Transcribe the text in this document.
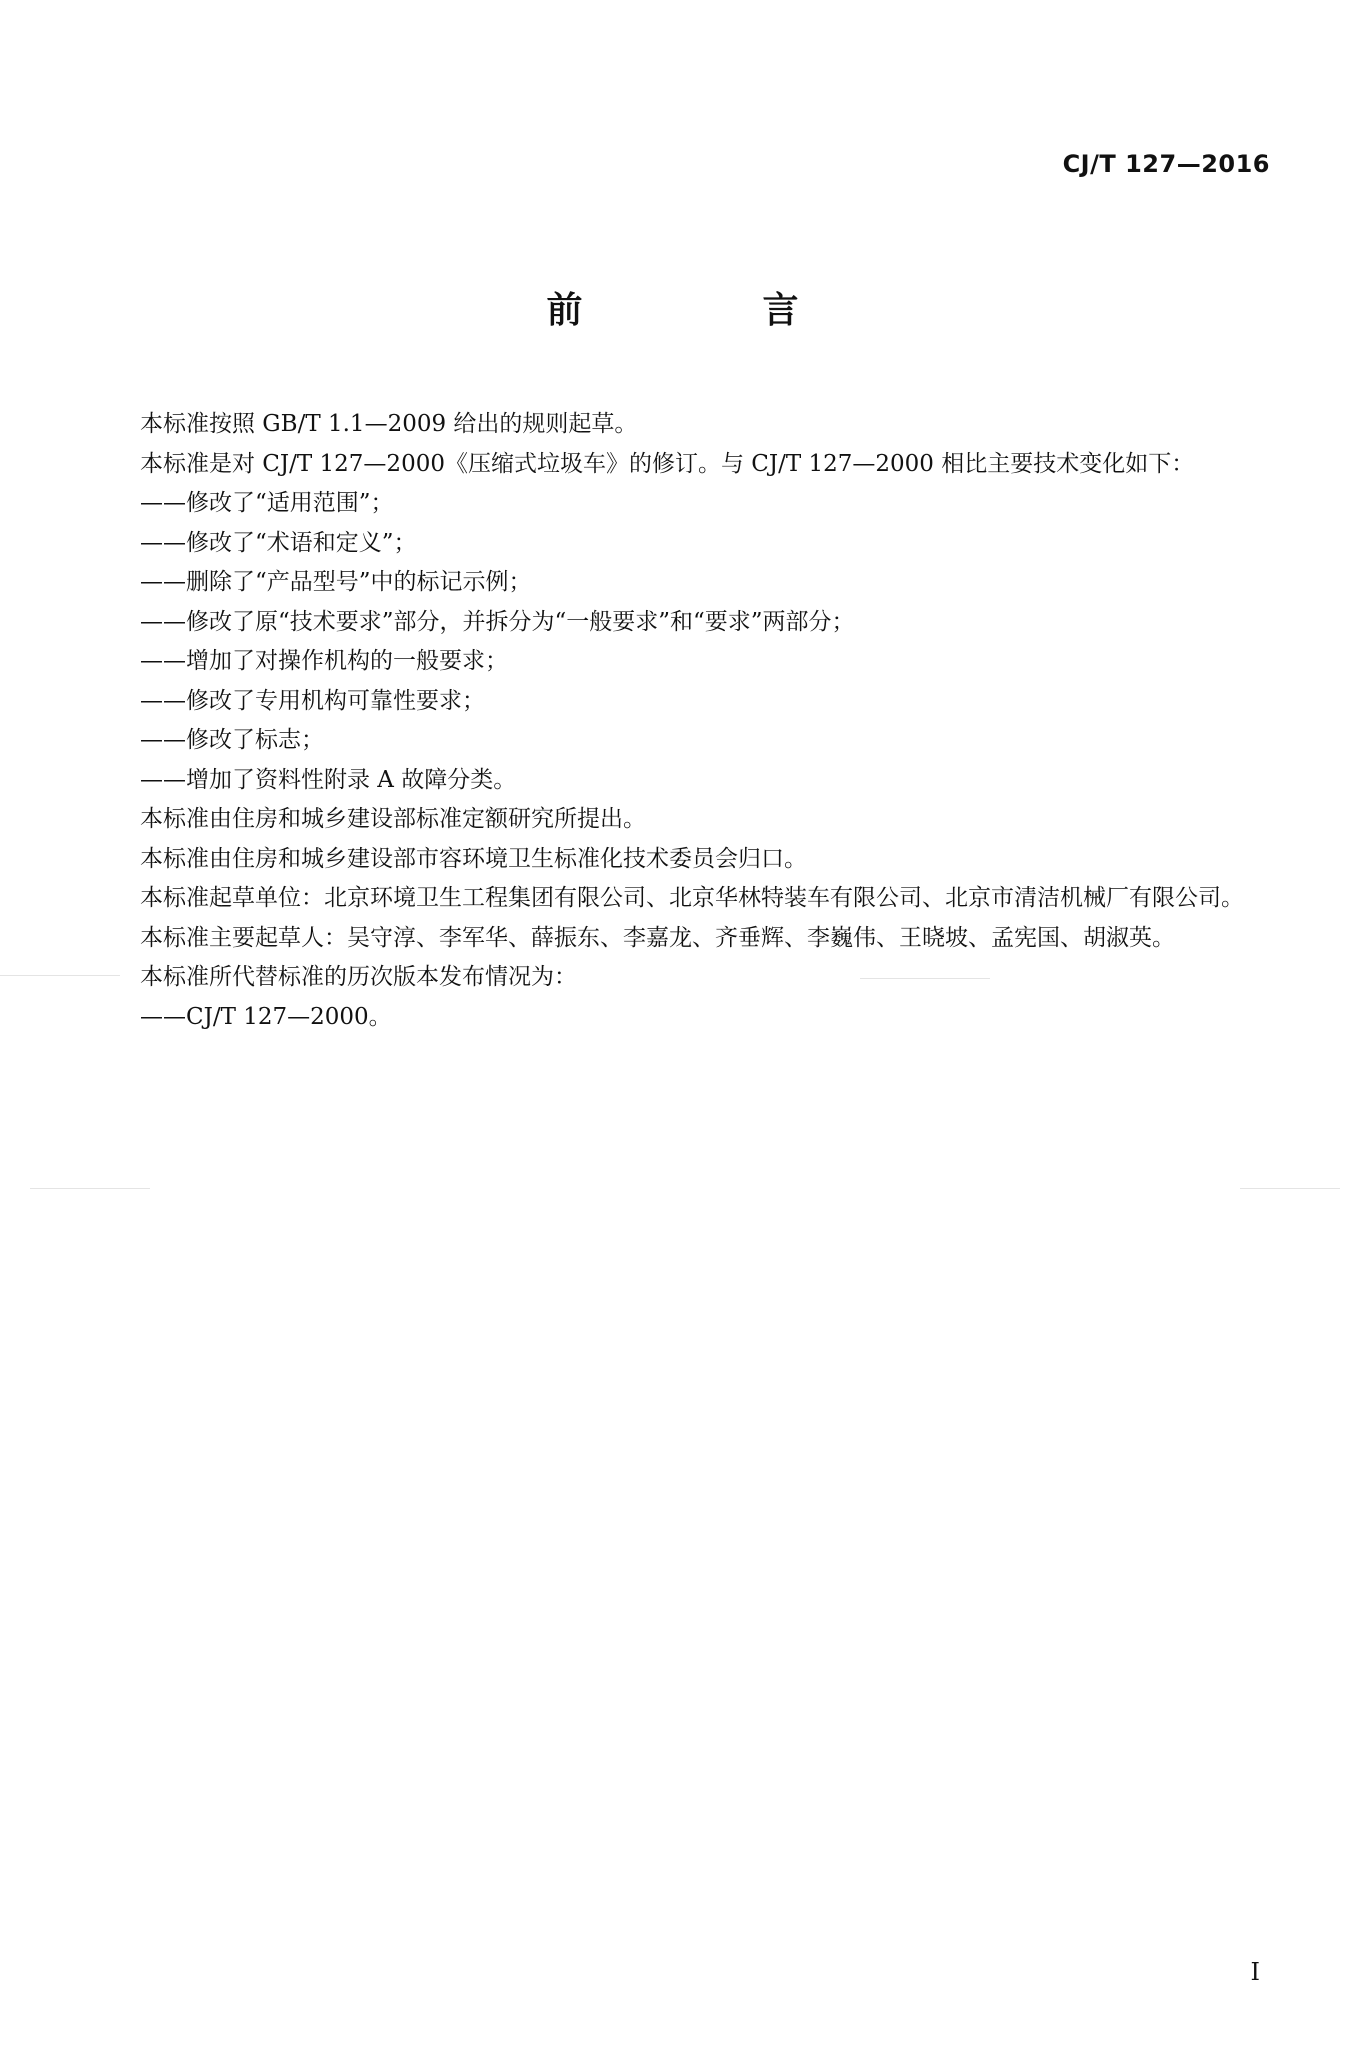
CJ/T 127—2016
前　言

本标准按照 GB/T 1.1—2009 给出的规则起草。

本标准是对 CJ/T 127—2000《压缩式垃圾车》的修订。与 CJ/T 127—2000 相比主要技术变化如下：

——修改了“适用范围”；

——修改了“术语和定义”；

——删除了“产品型号”中的标记示例；

——修改了原“技术要求”部分，并拆分为“一般要求”和“要求”两部分；

——增加了对操作机构的一般要求；

——修改了专用机构可靠性要求；

——修改了标志；

——增加了资料性附录 A 故障分类。

本标准由住房和城乡建设部标准定额研究所提出。

本标准由住房和城乡建设部市容环境卫生标准化技术委员会归口。

本标准起草单位：北京环境卫生工程集团有限公司、北京华林特装车有限公司、北京市清洁机械厂有限公司。

本标准主要起草人：吴守淳、李军华、薛振东、李嘉龙、齐垂辉、李巍伟、王晓坡、孟宪国、胡淑英。

本标准所代替标准的历次版本发布情况为：

——CJ/T 127—2000。

I
